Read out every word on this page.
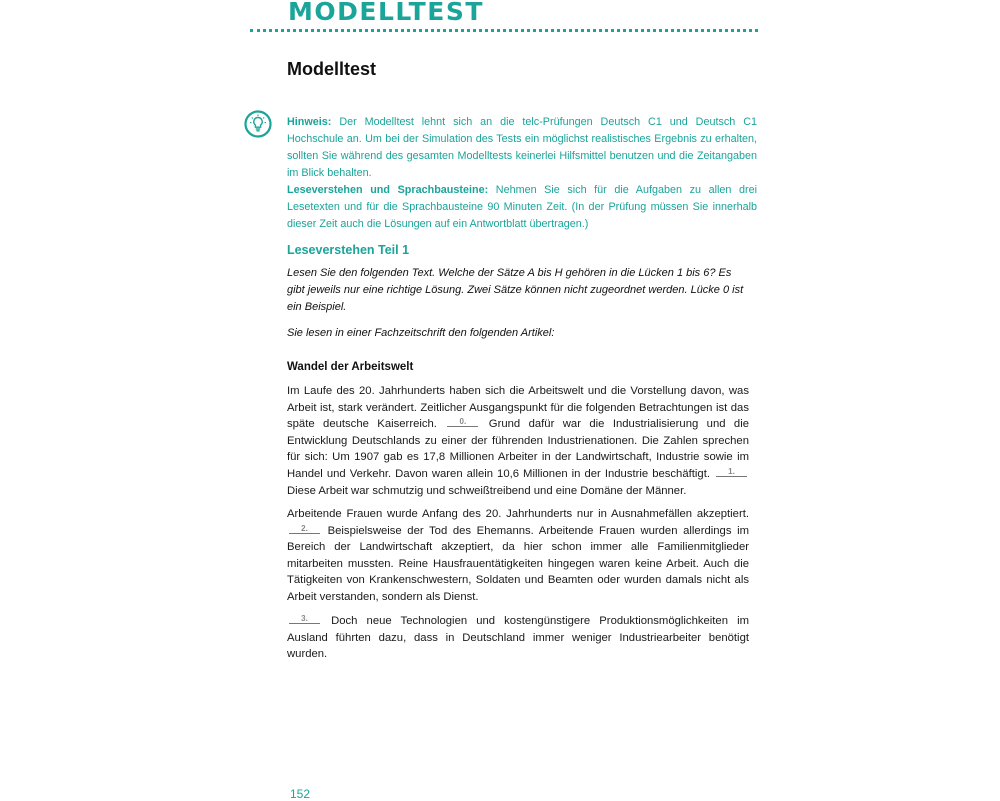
MODELLTEST
Modelltest
Hinweis: Der Modelltest lehnt sich an die telc-Prüfungen Deutsch C1 und Deutsch C1 Hochschule an. Um bei der Simulation des Tests ein möglichst realistisches Ergebnis zu erhalten, sollten Sie während des gesamten Modelltests keinerlei Hilfsmittel benutzen und die Zeitangaben im Blick behalten.
Leseverstehen und Sprachbausteine: Nehmen Sie sich für die Aufgaben zu allen drei Lesetexten und für die Sprachbausteine 90 Minuten Zeit. (In der Prüfung müssen Sie innerhalb dieser Zeit auch die Lösungen auf ein Antwortblatt übertragen.)
Leseverstehen Teil 1
Lesen Sie den folgenden Text. Welche der Sätze A bis H gehören in die Lücken 1 bis 6? Es gibt jeweils nur eine richtige Lösung. Zwei Sätze können nicht zugeordnet werden. Lücke 0 ist ein Beispiel.
Sie lesen in einer Fachzeitschrift den folgenden Artikel:
Wandel der Arbeitswelt
Im Laufe des 20. Jahrhunderts haben sich die Arbeitswelt und die Vorstellung davon, was Arbeit ist, stark verändert. Zeitlicher Ausgangspunkt für die folgenden Betrachtungen ist das späte deutsche Kaiserreich.	0. Grund dafür war die Industrialisierung und die Entwicklung Deutschlands zu einer der führenden Industrienationen. Die Zahlen sprechen für sich: Um 1907 gab es 17,8 Millionen Arbeiter in der Landwirtschaft, Industrie sowie im Handel und Verkehr. Davon waren allein 10,6 Millionen in der Industrie beschäftigt. 1. Diese Arbeit war schmutzig und schweißtreibend und eine Domäne der Männer.
Arbeitende Frauen wurde Anfang des 20. Jahrhunderts nur in Ausnahmefällen akzeptiert. 2. Beispielsweise der Tod des Ehemanns. Arbeitende Frauen wurden allerdings im Bereich der Landwirtschaft akzeptiert, da hier schon immer alle Familienmitglieder mitarbeiten mussten. Reine Hausfrauentätigkeiten hingegen waren keine Arbeit. Auch die Tätigkeiten von Krankenschwestern, Soldaten und Beamten oder wurden damals nicht als Arbeit verstanden, sondern als Dienst.
3. Doch neue Technologien und kostengünstigere Produktionsmöglichkeiten im Ausland führten dazu, dass in Deutschland immer weniger Industriearbeiter benötigt wurden.
152
